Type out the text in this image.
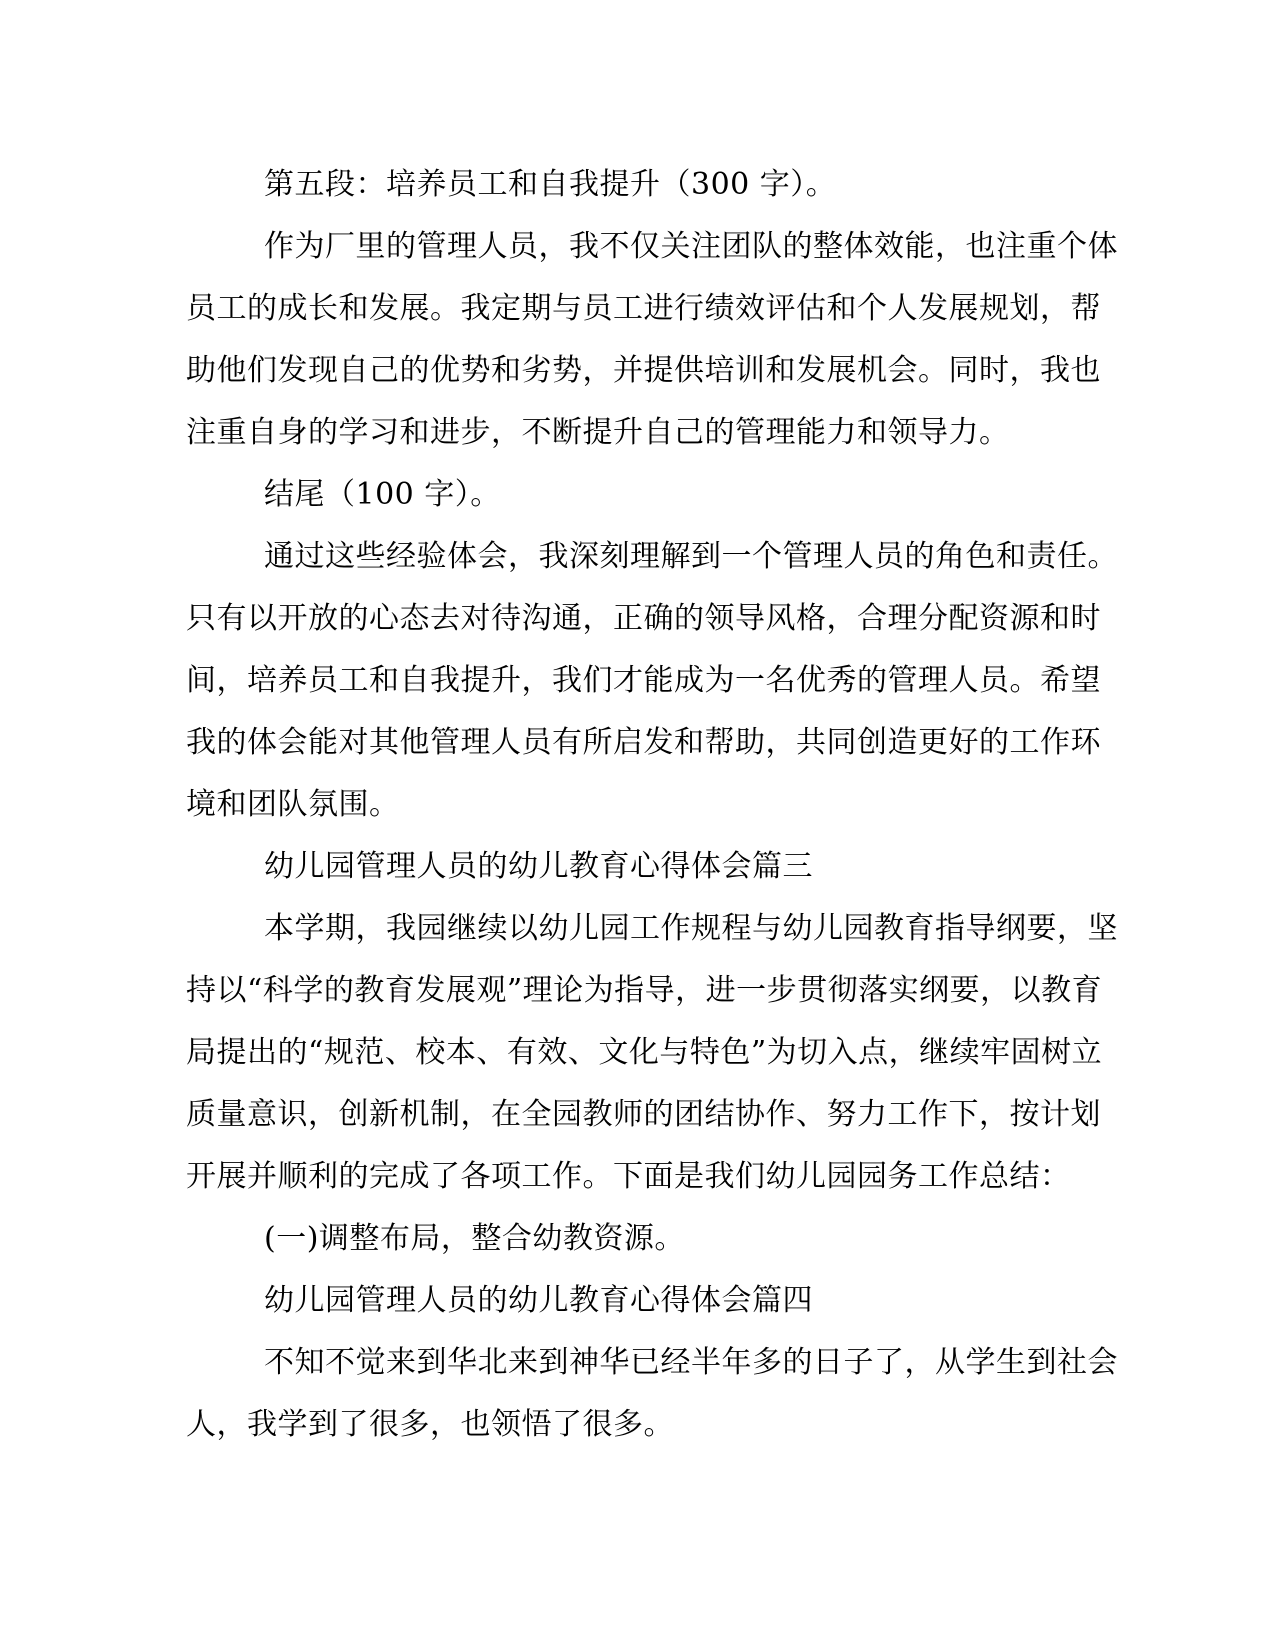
第五段：培养员工和自我提升（300 字）。
作为厂里的管理人员，我不仅关注团队的整体效能，也注重个体
员工的成长和发展。我定期与员工进行绩效评估和个人发展规划，帮
助他们发现自己的优势和劣势，并提供培训和发展机会。同时，我也
注重自身的学习和进步，不断提升自己的管理能力和领导力。
结尾（100 字）。
通过这些经验体会，我深刻理解到一个管理人员的角色和责任。
只有以开放的心态去对待沟通，正确的领导风格，合理分配资源和时
间，培养员工和自我提升，我们才能成为一名优秀的管理人员。希望
我的体会能对其他管理人员有所启发和帮助，共同创造更好的工作环
境和团队氛围。
幼儿园管理人员的幼儿教育心得体会篇三
本学期，我园继续以幼儿园工作规程与幼儿园教育指导纲要，坚
持以“科学的教育发展观”理论为指导，进一步贯彻落实纲要，以教育
局提出的“规范、校本、有效、文化与特色”为切入点，继续牢固树立
质量意识，创新机制，在全园教师的团结协作、努力工作下，按计划
开展并顺利的完成了各项工作。下面是我们幼儿园园务工作总结：
(一)调整布局，整合幼教资源。
幼儿园管理人员的幼儿教育心得体会篇四
不知不觉来到华北来到神华已经半年多的日子了，从学生到社会
人，我学到了很多，也领悟了很多。
